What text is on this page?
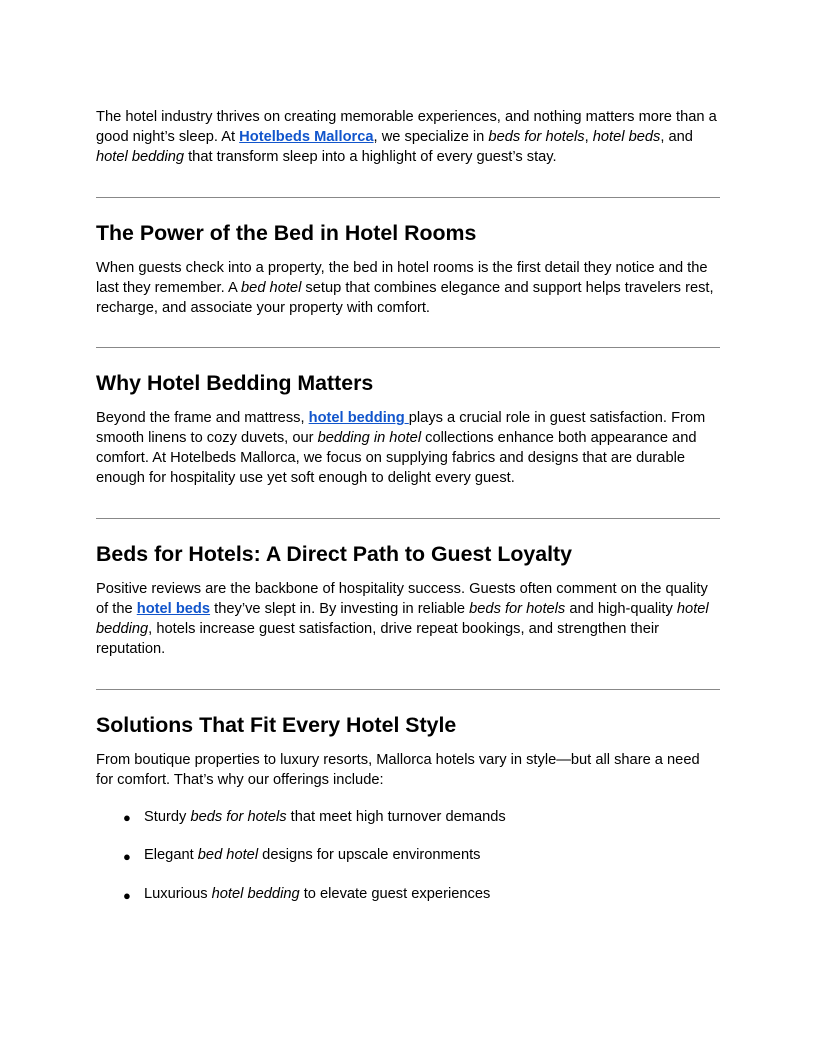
The hotel industry thrives on creating memorable experiences, and nothing matters more than a good night’s sleep. At Hotelbeds Mallorca, we specialize in beds for hotels, hotel beds, and hotel bedding that transform sleep into a highlight of every guest’s stay.

The Power of the Bed in Hotel Rooms

When guests check into a property, the bed in hotel rooms is the first detail they notice and the last they remember. A bed hotel setup that combines elegance and support helps travelers rest, recharge, and associate your property with comfort.

Why Hotel Bedding Matters

Beyond the frame and mattress, hotel bedding plays a crucial role in guest satisfaction. From smooth linens to cozy duvets, our bedding in hotel collections enhance both appearance and comfort. At Hotelbeds Mallorca, we focus on supplying fabrics and designs that are durable enough for hospitality use yet soft enough to delight every guest.

Beds for Hotels: A Direct Path to Guest Loyalty

Positive reviews are the backbone of hospitality success. Guests often comment on the quality of the hotel beds they’ve slept in. By investing in reliable beds for hotels and high-quality hotel bedding, hotels increase guest satisfaction, drive repeat bookings, and strengthen their reputation.

Solutions That Fit Every Hotel Style

From boutique properties to luxury resorts, Mallorca hotels vary in style—but all share a need for comfort. That’s why our offerings include:

● Sturdy beds for hotels that meet high turnover demands
● Elegant bed hotel designs for upscale environments
● Luxurious hotel bedding to elevate guest experiences
